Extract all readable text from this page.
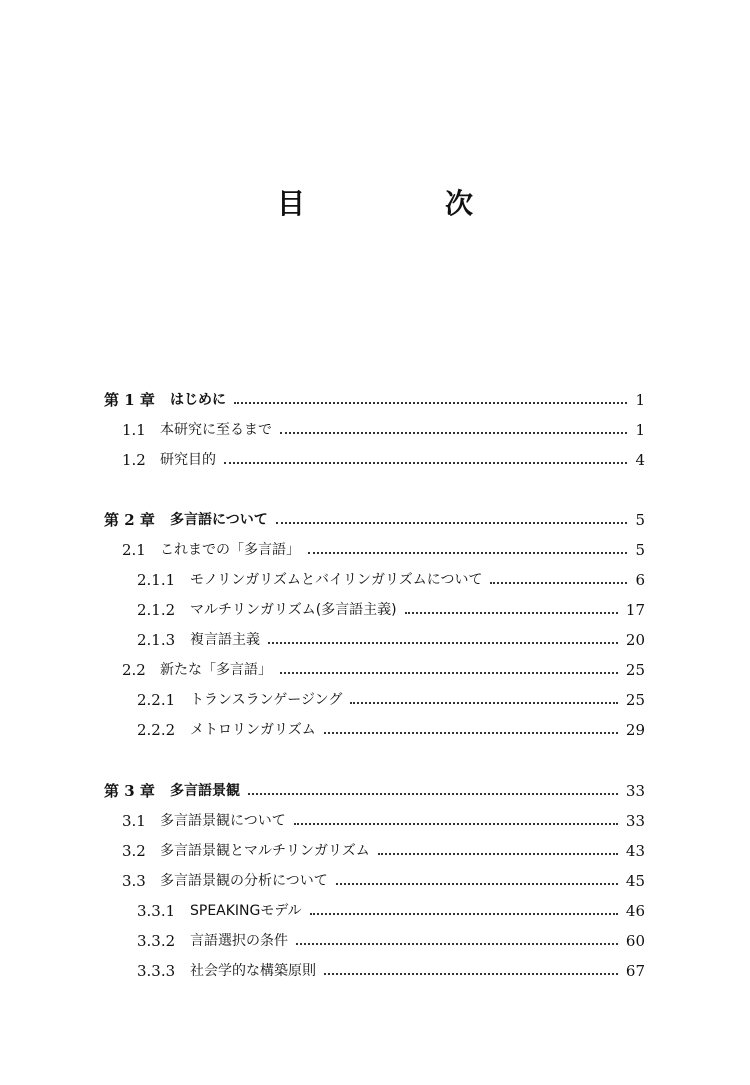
目　次
第 1 章 はじめに	1
1.1 本研究に至るまで	1
1.2 研究目的	4
第 2 章 多言語について	5
2.1 これまでの「多言語」	5
2.1.1 モノリンガリズムとバイリンガリズムについて	6
2.1.2 マルチリンガリズム(多言語主義)	17
2.1.3 複言語主義	20
2.2 新たな「多言語」	25
2.2.1 トランスランゲージング	25
2.2.2 メトロリンガリズム	29
第 3 章 多言語景観	33
3.1 多言語景観について	33
3.2 多言語景観とマルチリンガリズム	43
3.3 多言語景観の分析について	45
3.3.1 SPEAKINGモデル	46
3.3.2 言語選択の条件	60
3.3.3 社会学的な構築原則	67
